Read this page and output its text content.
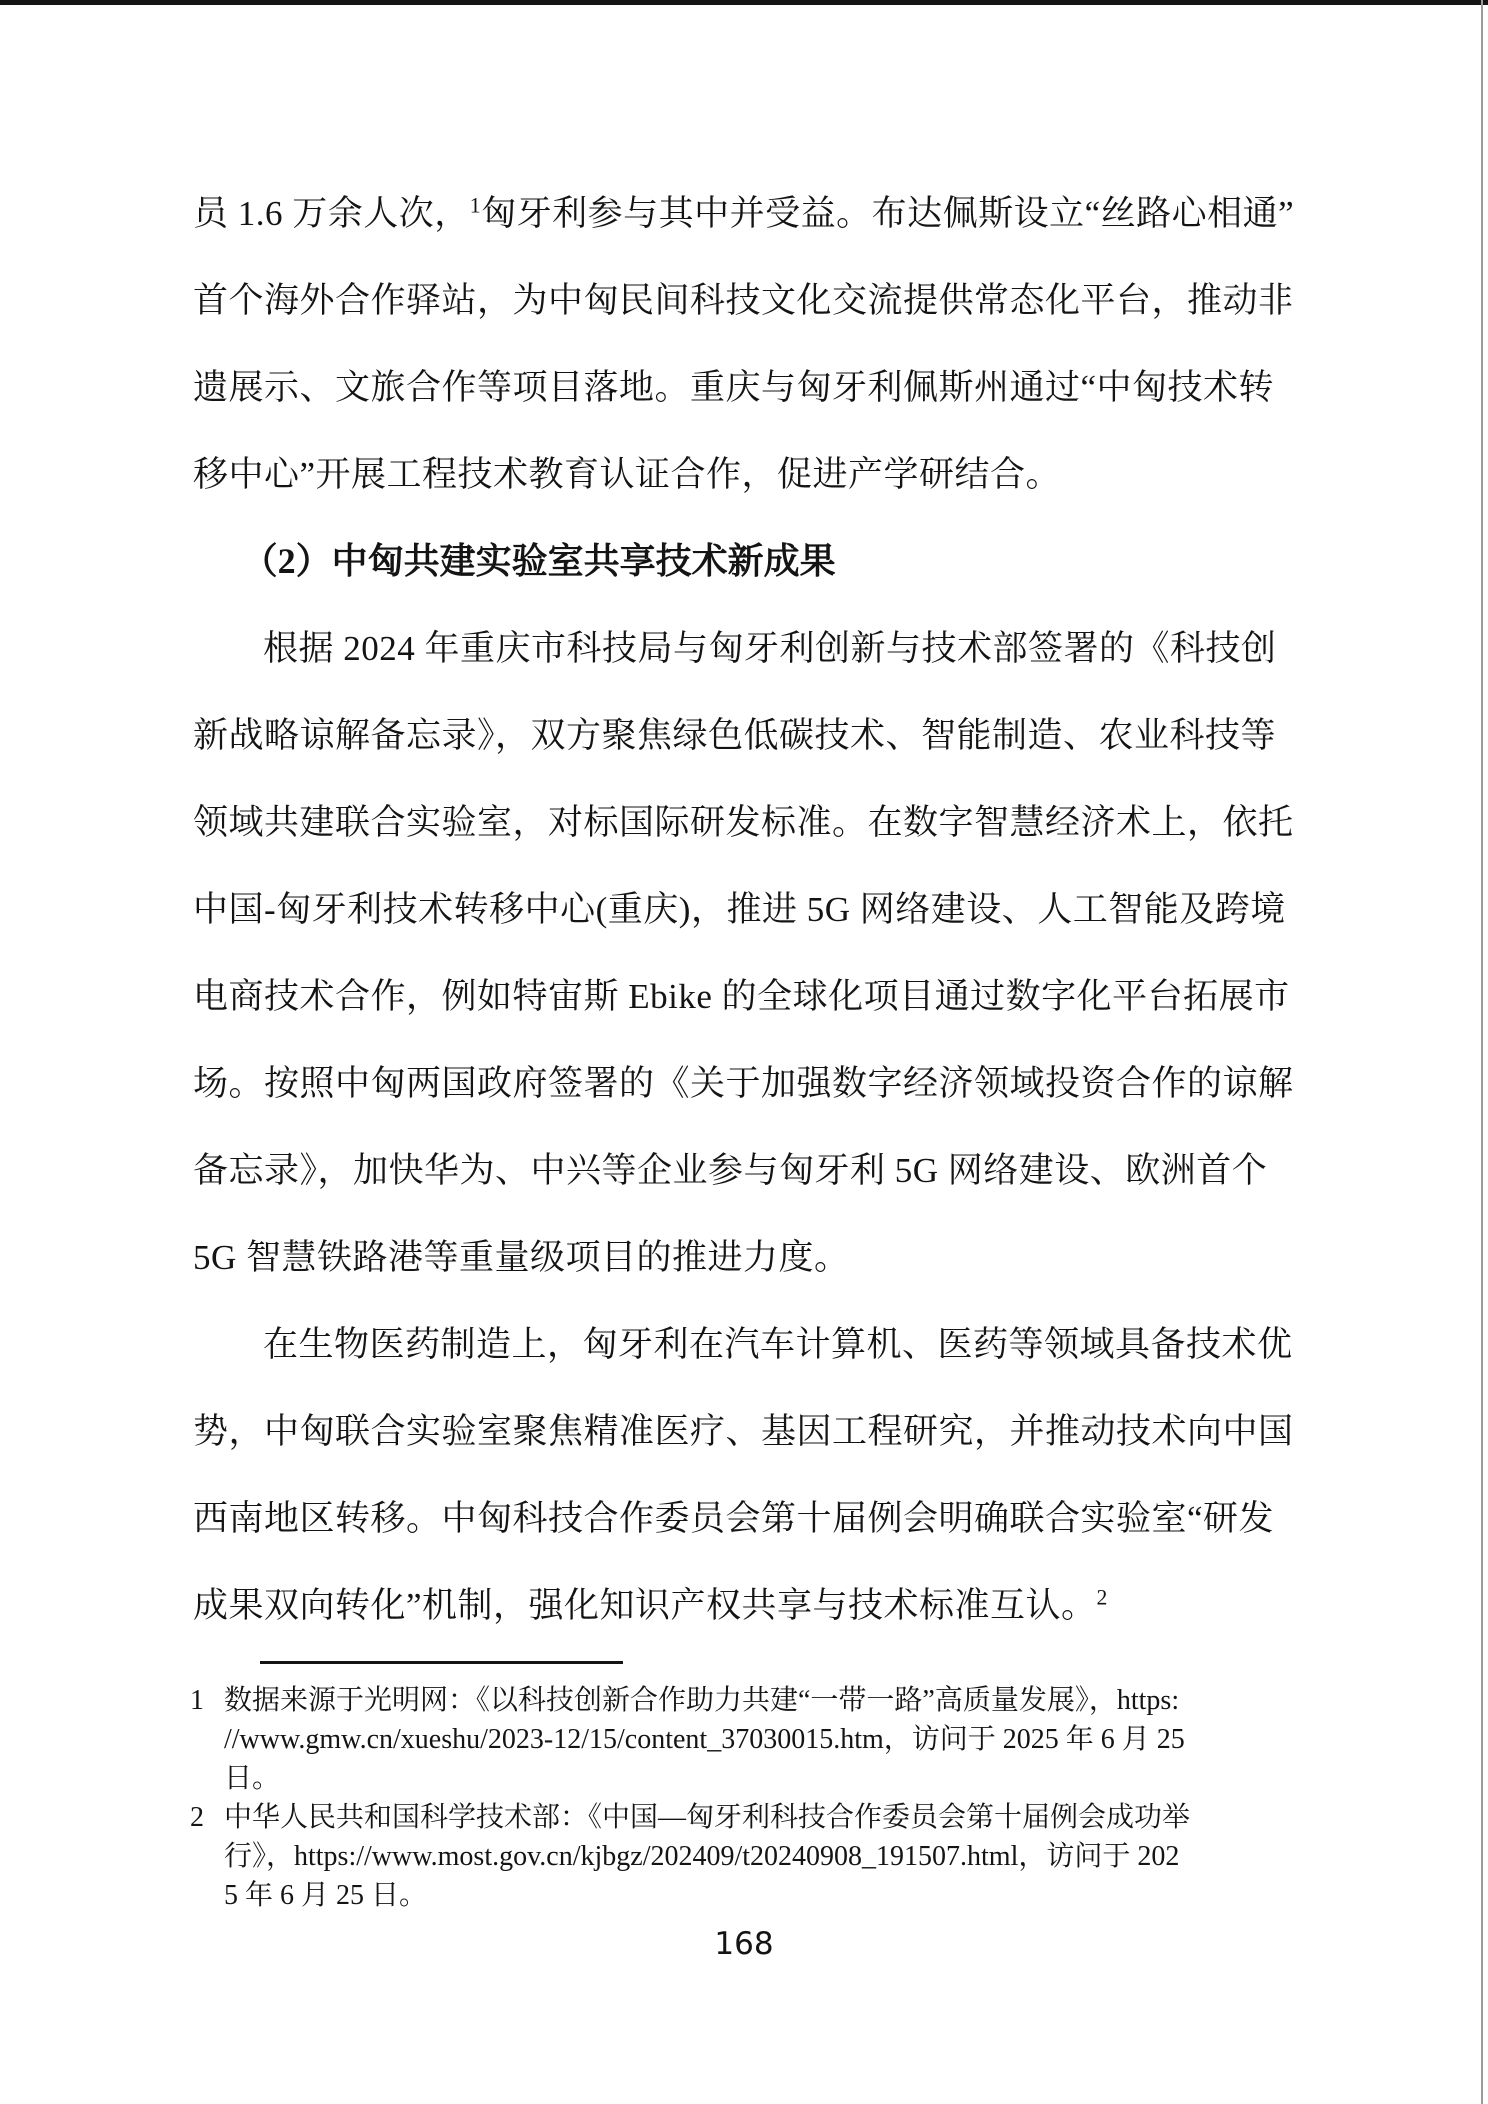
员 1.6 万余人次，$^1$匈牙利参与其中并受益。布达佩斯设立“丝路心相通”
首个海外合作驿站，为中匈民间科技文化交流提供常态化平台，推动非
遗展示、文旅合作等项目落地。重庆与匈牙利佩斯州通过“中匈技术转
移中心”开展工程技术教育认证合作，促进产学研结合。
（2）中匈共建实验室共享技术新成果
根据 2024 年重庆市科技局与匈牙利创新与技术部签署的《科技创
新战略谅解备忘录》，双方聚焦绿色低碳技术、智能制造、农业科技等
领域共建联合实验室，对标国际研发标准。在数字智慧经济术上，依托
中国-匈牙利技术转移中心(重庆)，推进 5G 网络建设、人工智能及跨境
电商技术合作，例如特宙斯 Ebike 的全球化项目通过数字化平台拓展市
场。按照中匈两国政府签署的《关于加强数字经济领域投资合作的谅解
备忘录》，加快华为、中兴等企业参与匈牙利 5G 网络建设、欧洲首个
5G 智慧铁路港等重量级项目的推进力度。
在生物医药制造上，匈牙利在汽车计算机、医药等领域具备技术优
势，中匈联合实验室聚焦精准医疗、基因工程研究，并推动技术向中国
西南地区转移。中匈科技合作委员会第十届例会明确联合实验室“研发
成果双向转化”机制，强化知识产权共享与技术标准互认。$^2$
1 数据来源于光明网：《以科技创新合作助力共建“一带一路”高质量发展》，https:
//www.gmw.cn/xueshu/2023-12/15/content_37030015.htm，访问于 2025 年 6 月 25
日。
2 中华人民共和国科学技术部：《中国—匈牙利科技合作委员会第十届例会成功举
行》，https://www.most.gov.cn/kjbgz/202409/t20240908_191507.html，访问于 202
5 年 6 月 25 日。
168
